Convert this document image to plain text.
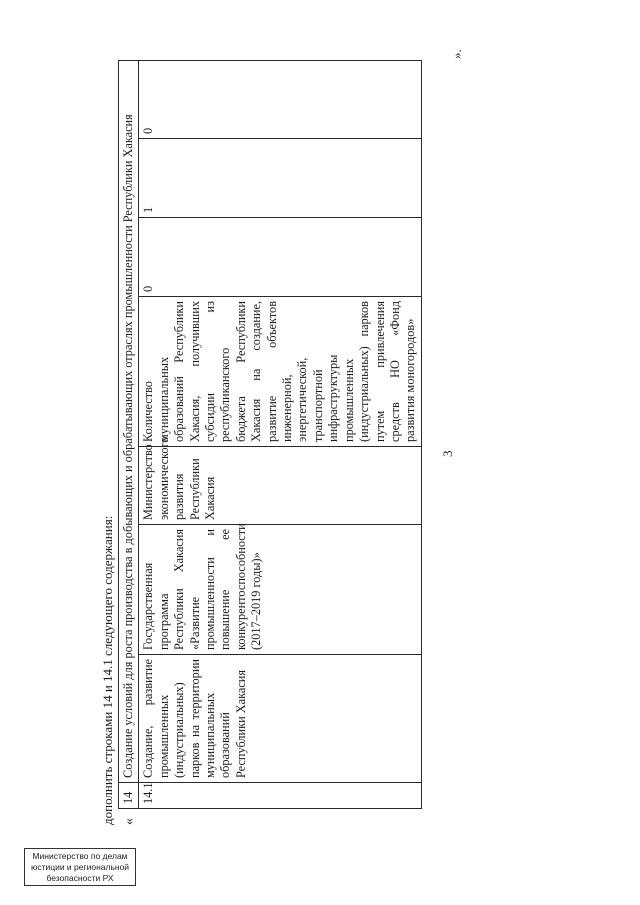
3
дополнить строками 14 и 14.1 следующего содержания: «
14	Создание условий для роста производства в добывающих и обрабатывающих отраслях промышленности Республики Хакасия						
14.1	Создание, развитие промышленных (индустриальных) парков на территории муниципальных образований Республики Хакасия	Государственная программа Республики Хакасия «Развитие промышленности и повышение ее конкурентоспособности (2017–2019 годы)»	Министерство экономического развития Республики Хакасия	Количество муниципальных образований Республики Хакасия, получивших субсидии из республиканского бюджета Республики Хакасия на создание, развитие объектов инженерной, энергетической, транспортной инфраструктуры промышленных (индустриальных) парков путем привлечения средств НО «Фонд развития моногородов»	0	1	0
».
Министерство по делам юстиции и региональной безопасности РХ
